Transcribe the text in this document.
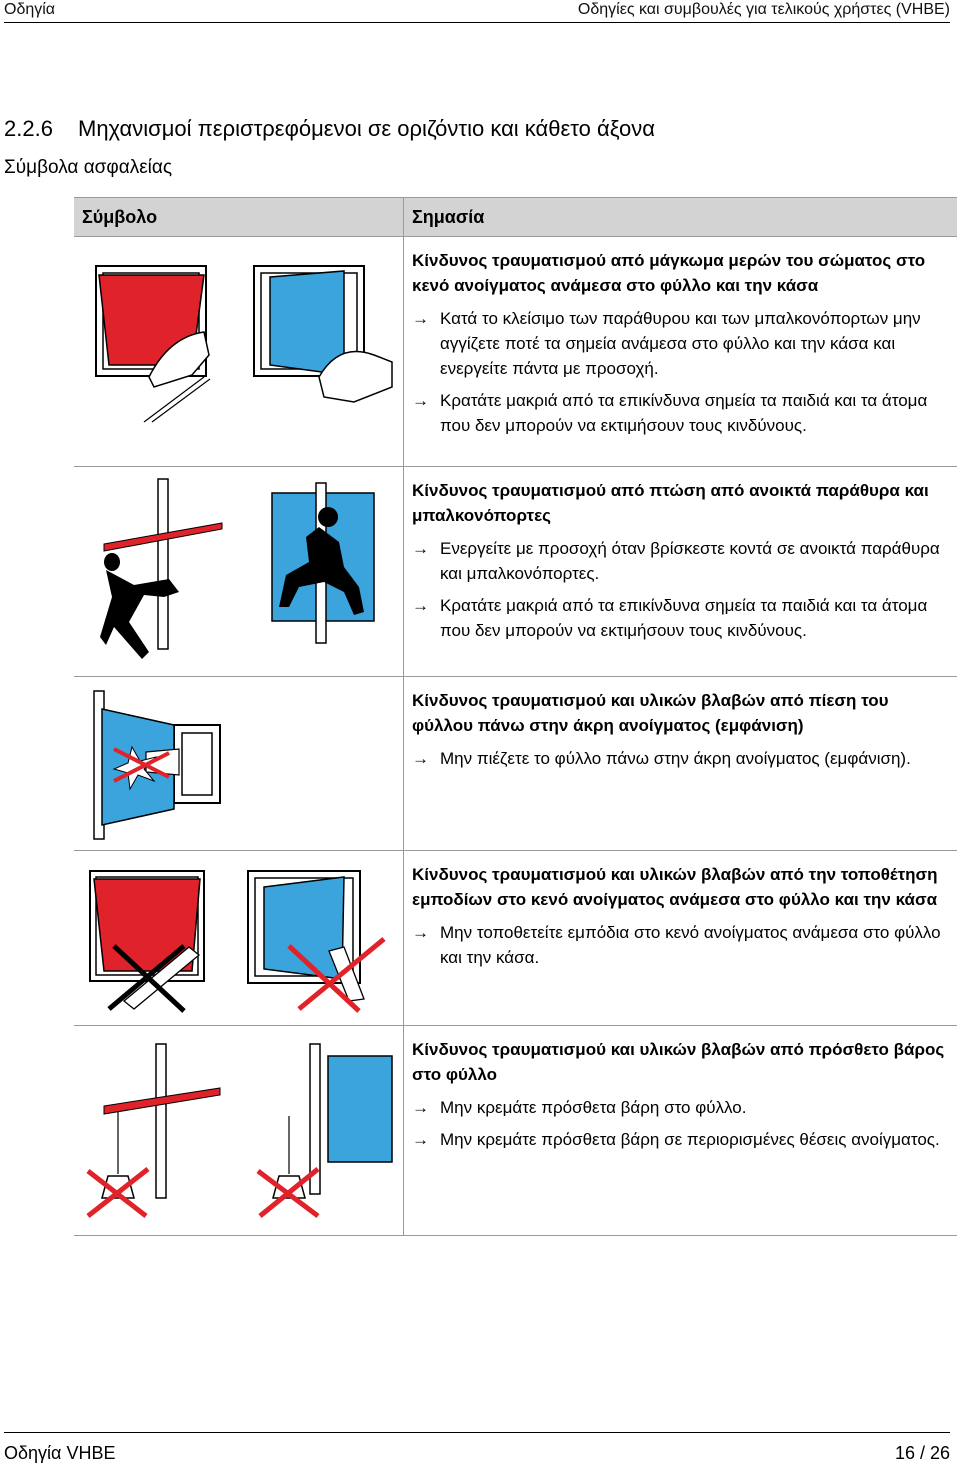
Οδηγία	Οδηγίες και συμβουλές για τελικούς χρήστες (VHBE)
2.2.6 Μηχανισμοί περιστρεφόμενοι σε οριζόντιο και κάθετο άξονα
Σύμβολα ασφαλείας
Σύμβολο	Σημασία

Κίνδυνος τραυματισμού από μάγκωμα μερών του σώματος στο κενό ανοίγματος ανάμεσα στο φύλλο και την κάσα
→ Κατά το κλείσιμο των παράθυρου και των μπαλκονόπορτων μην αγγίζετε ποτέ τα σημεία ανάμεσα στο φύλλο και την κάσα και ενεργείτε πάντα με προσοχή.
→ Κρατάτε μακριά από τα επικίνδυνα σημεία τα παιδιά και τα άτομα που δεν μπορούν να εκτιμήσουν τους κινδύνους.

Κίνδυνος τραυματισμού από πτώση από ανοικτά παράθυρα και μπαλκονόπορτες
→ Ενεργείτε με προσοχή όταν βρίσκεστε κοντά σε ανοικτά παράθυρα και μπαλκονόπορτες.
→ Κρατάτε μακριά από τα επικίνδυνα σημεία τα παιδιά και τα άτομα που δεν μπορούν να εκτιμήσουν τους κινδύνους.

Κίνδυνος τραυματισμού και υλικών βλαβών από πίεση του φύλλου πάνω στην άκρη ανοίγματος (εμφάνιση)
→ Μην πιέζετε το φύλλο πάνω στην άκρη ανοίγματος (εμφάνιση).

Κίνδυνος τραυματισμού και υλικών βλαβών από την τοποθέτηση εμποδίων στο κενό ανοίγματος ανάμεσα στο φύλλο και την κάσα
→ Μην τοποθετείτε εμπόδια στο κενό ανοίγματος ανάμεσα στο φύλλο και την κάσα.

Κίνδυνος τραυματισμού και υλικών βλαβών από πρόσθετο βάρος στο φύλλο
→ Μην κρεμάτε πρόσθετα βάρη στο φύλλο.
→ Μην κρεμάτε πρόσθετα βάρη σε περιορισμένες θέσεις ανοίγματος.
Οδηγία VHBE	16 / 26
